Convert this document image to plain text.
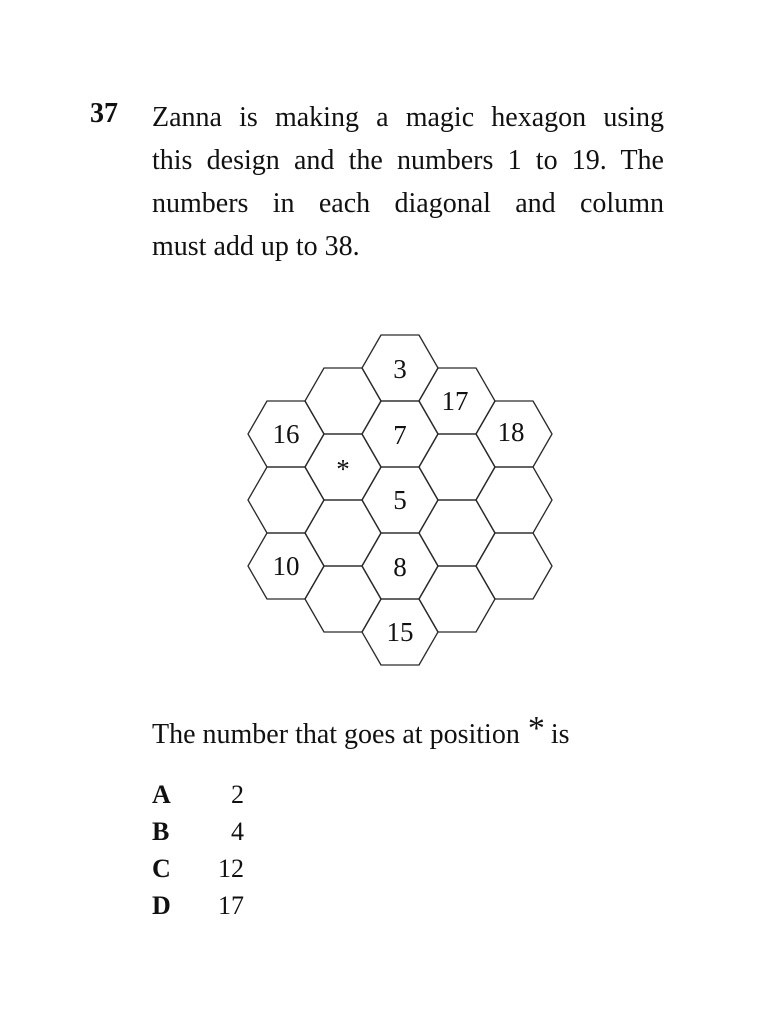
37 Zanna is making a magic hexagon using
this design and the numbers 1 to 19. The
numbers in each diagonal and column
must add up to 38.

3
17
16	7	18
*
5
10	8
15

The number that goes at position * is

A	2
B	4
C	12
D	17
